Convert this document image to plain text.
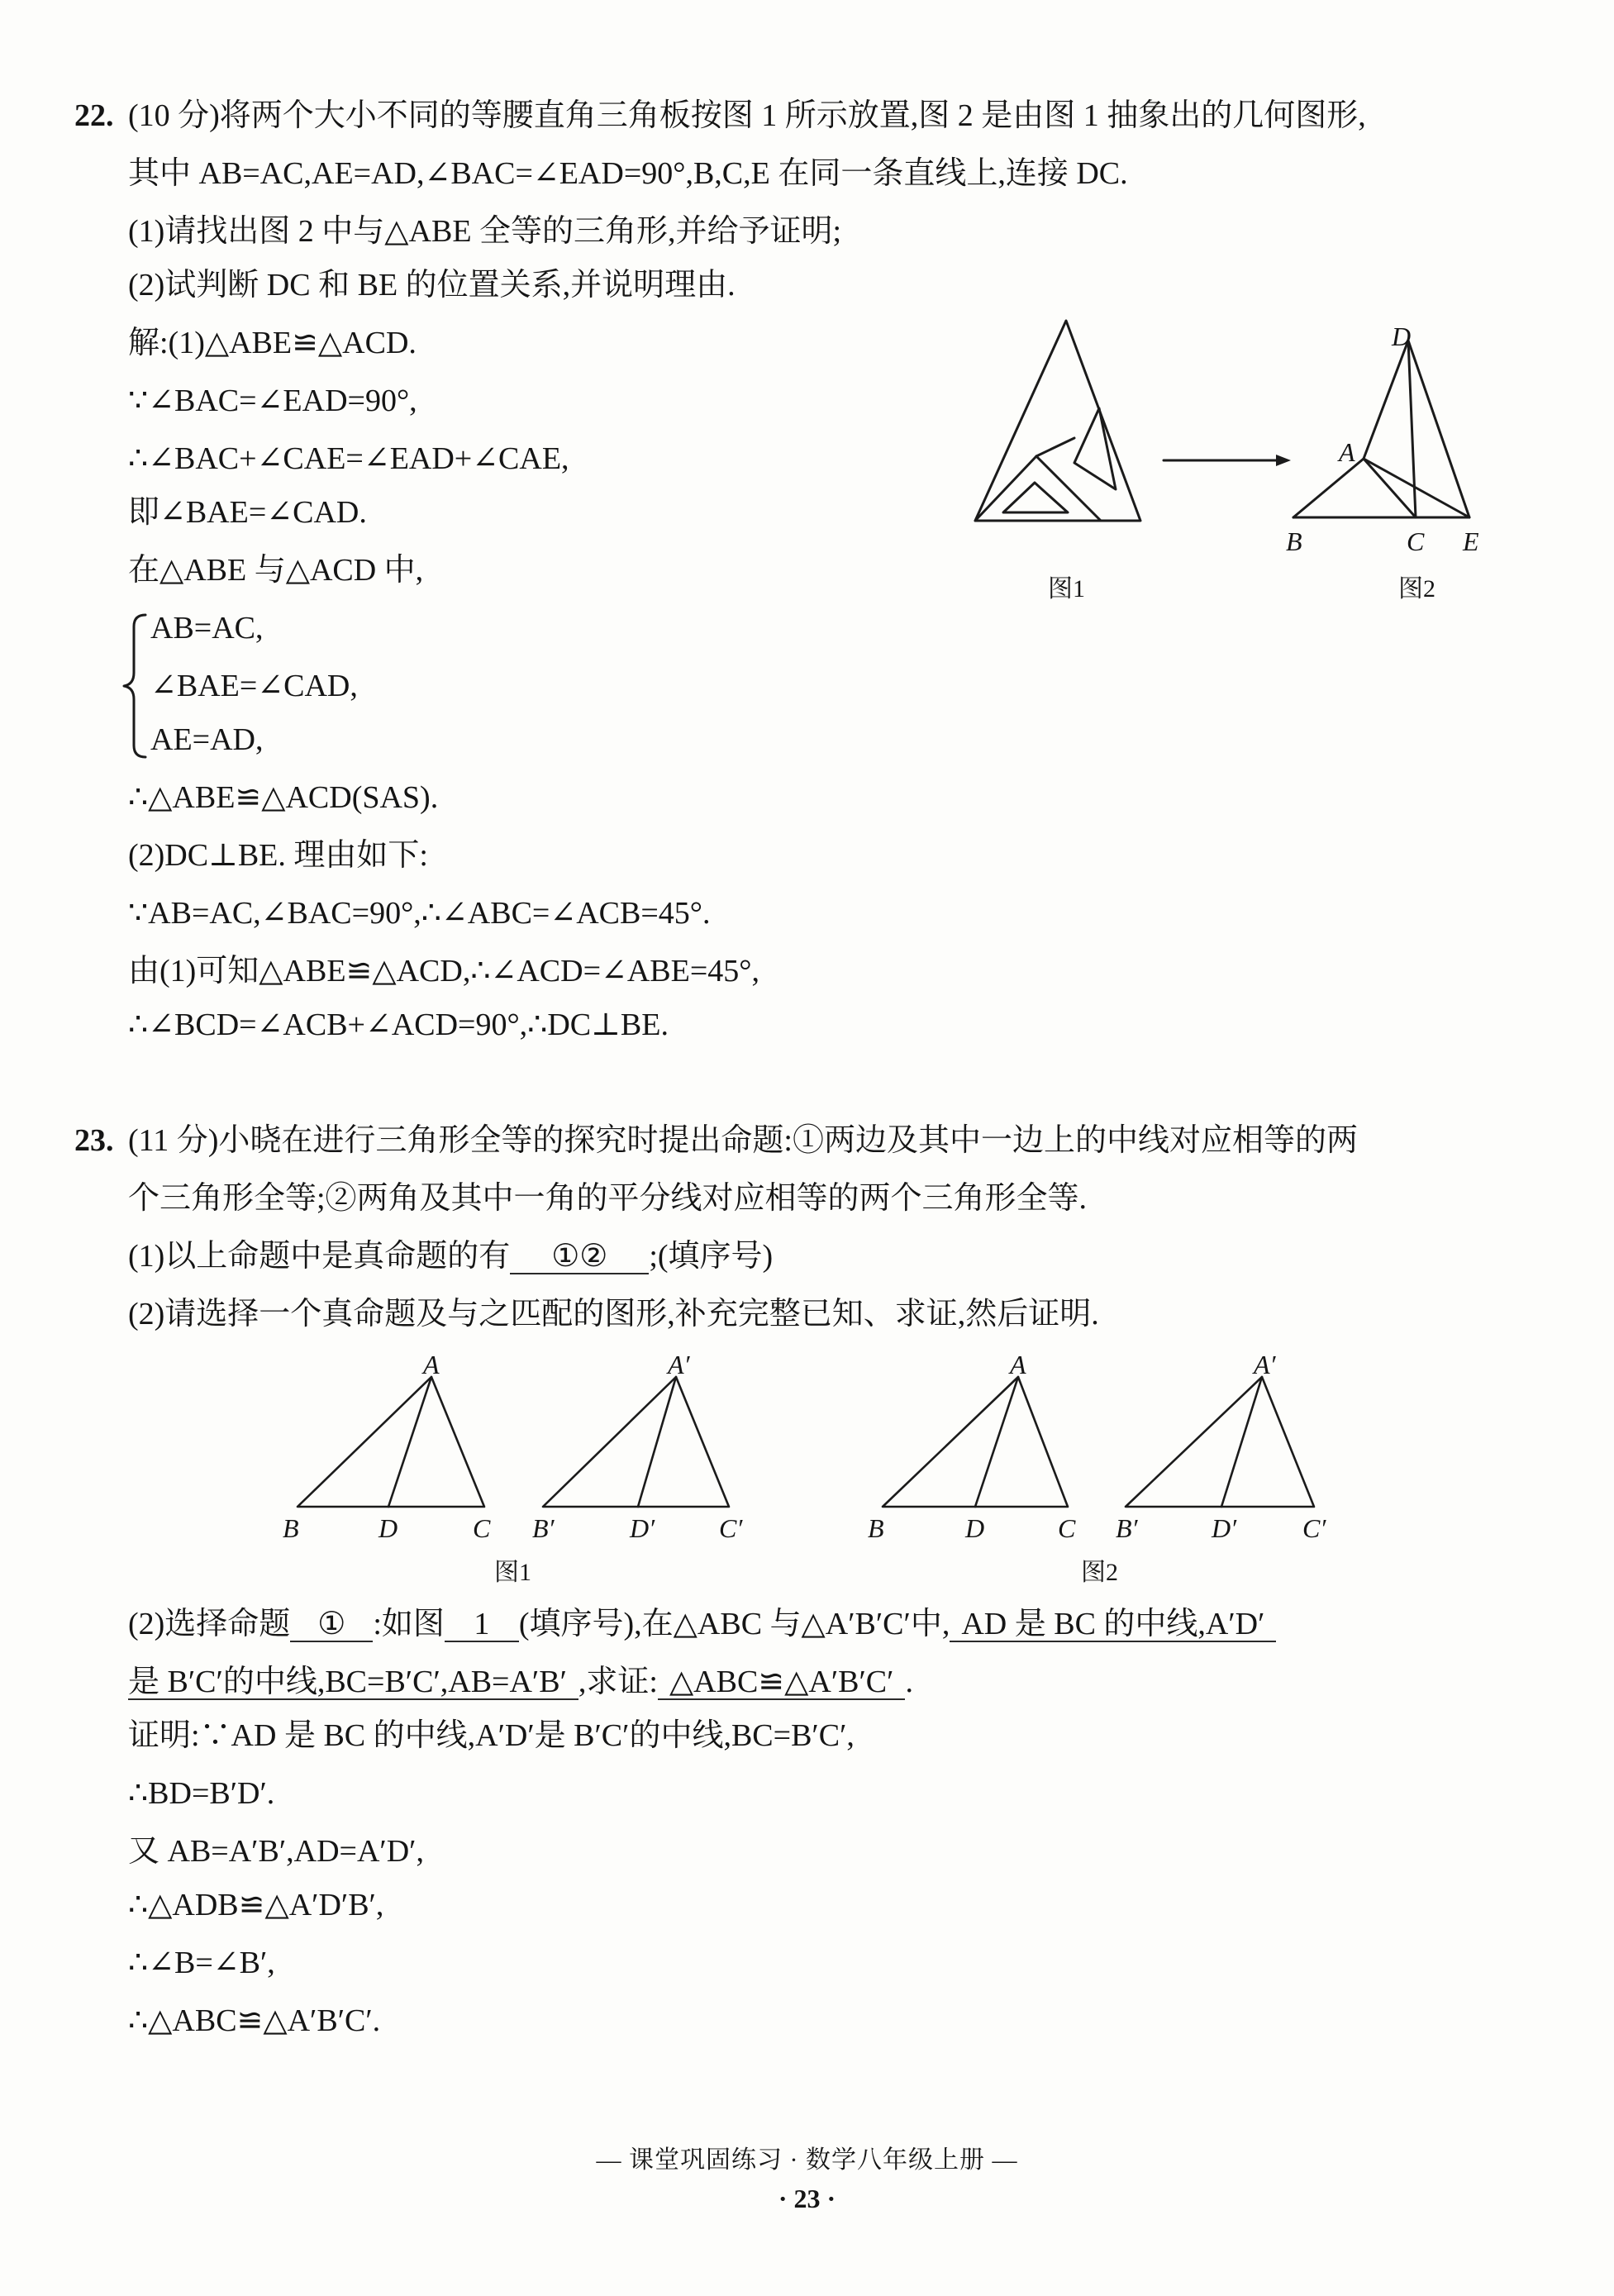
图1
D
A
B	C E
图2
A
B	D	C
A′
B′	D′ C′
图1
A
B	D	C
A′
B′	D′ C′
图2
22. (10 分)将两个大小不同的等腰直角三角板按图 1 所示放置,图 2 是由图 1 抽象出的几何图形,
其中 AB=AC,AE=AD,∠BAC=∠EAD=90°,B,C,E 在同一条直线上,连接 DC.
(1)请找出图 2 中与△ABE 全等的三角形,并给予证明;
(2)试判断 DC 和 BE 的位置关系,并说明理由.
解:(1)△ABE≌△ACD.
∵∠BAC=∠EAD=90°,
∴∠BAC+∠CAE=∠EAD+∠CAE,
即∠BAE=∠CAD.
在△ABE 与△ACD 中,
AB=AC,
∠BAE=∠CAD,
AE=AD,
∴△ABE≌△ACD(SAS).
(2)DC⊥BE. 理由如下:
∵AB=AC,∠BAC=90°,∴∠ABC=∠ACB=45°.
由(1)可知△ABE≌△ACD,∴∠ACD=∠ABE=45°,
∴∠BCD=∠ACB+∠ACD=90°,∴DC⊥BE.
23. (11 分)小晓在进行三角形全等的探究时提出命题:①两边及其中一边上的中线对应相等的两
个三角形全等;②两角及其中一角的平分线对应相等的两个三角形全等.
(1)以上命题中是真命题的有 ①② ;(填序号)
(2)请选择一个真命题及与之匹配的图形,补充完整已知、求证,然后证明.
(2)选择命题 ① :如图 1 (填序号),在△ABC 与△A′B′C′中, AD 是 BC 的中线,A′D′
是 B′C′的中线,BC=B′C′,AB=A′B′ ,求证: △ABC≌△A′B′C′ .
证明:∵AD 是 BC 的中线,A′D′是 B′C′的中线,BC=B′C′,
∴BD=B′D′.
又 AB=A′B′,AD=A′D′,
∴△ADB≌△A′D′B′,
∴∠B=∠B′,
∴△ABC≌△A′B′C′.
— 课堂巩固练习 · 数学八年级上册 —
· 23 ·
